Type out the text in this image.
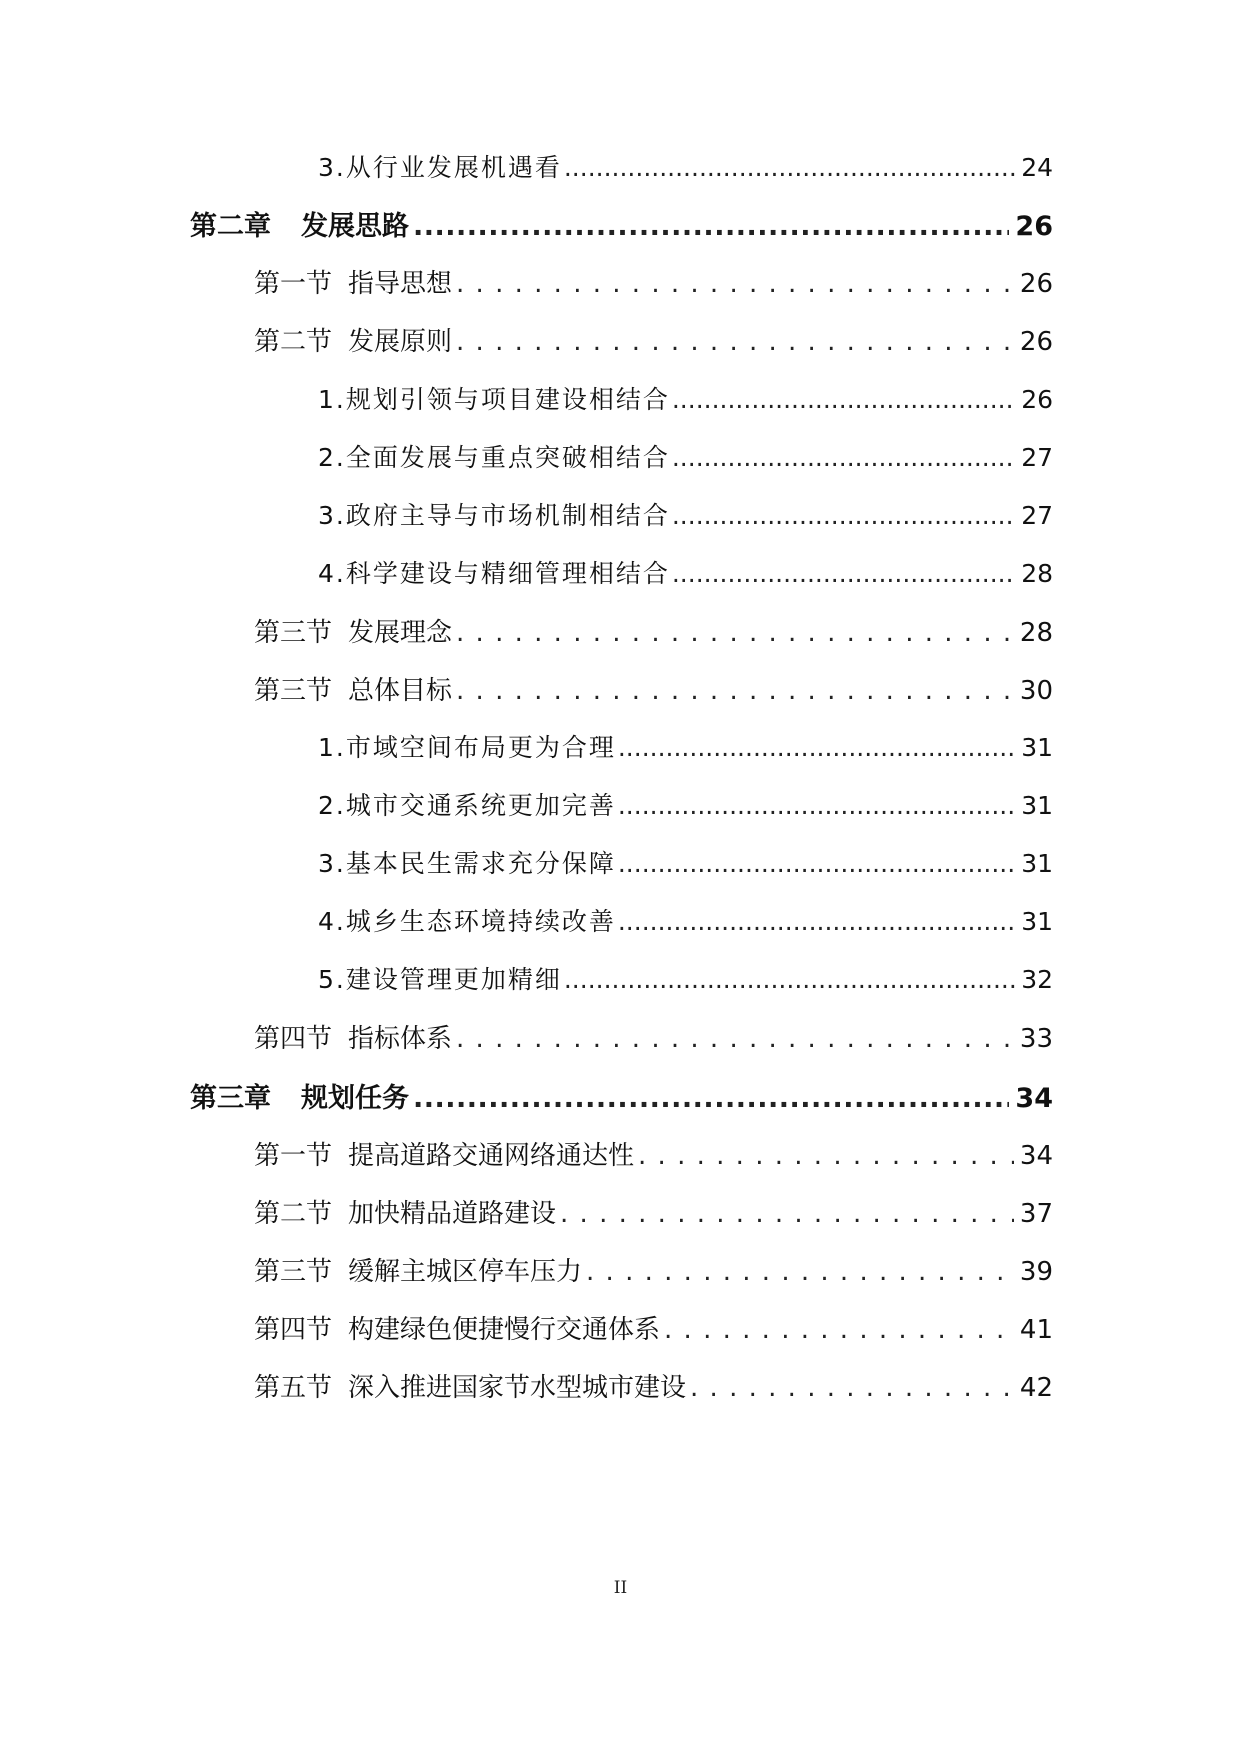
3.从行业发展机遇看 .....	24
第二章 发展思路 .....	26
第一节 指导思想 . . .	26
第二节 发展原则 . . .	26
1.规划引领与项目建设相结合 .....	26
2.全面发展与重点突破相结合 .....	27
3.政府主导与市场机制相结合 .....	27
4.科学建设与精细管理相结合 .....	28
第三节 发展理念 . . .	28
第三节 总体目标 . . .	30
1.市域空间布局更为合理 .....	31
2.城市交通系统更加完善 .....	31
3.基本民生需求充分保障 .....	31
4.城乡生态环境持续改善 .....	31
5.建设管理更加精细 .....	32
第四节 指标体系 . . .	33
第三章 规划任务 .....	34
第一节 提高道路交通网络通达性 . . .	34
第二节 加快精品道路建设 . . .	37
第三节 缓解主城区停车压力 . . .	39
第四节 构建绿色便捷慢行交通体系 . . .	41
第五节 深入推进国家节水型城市建设 . . .	42
II
